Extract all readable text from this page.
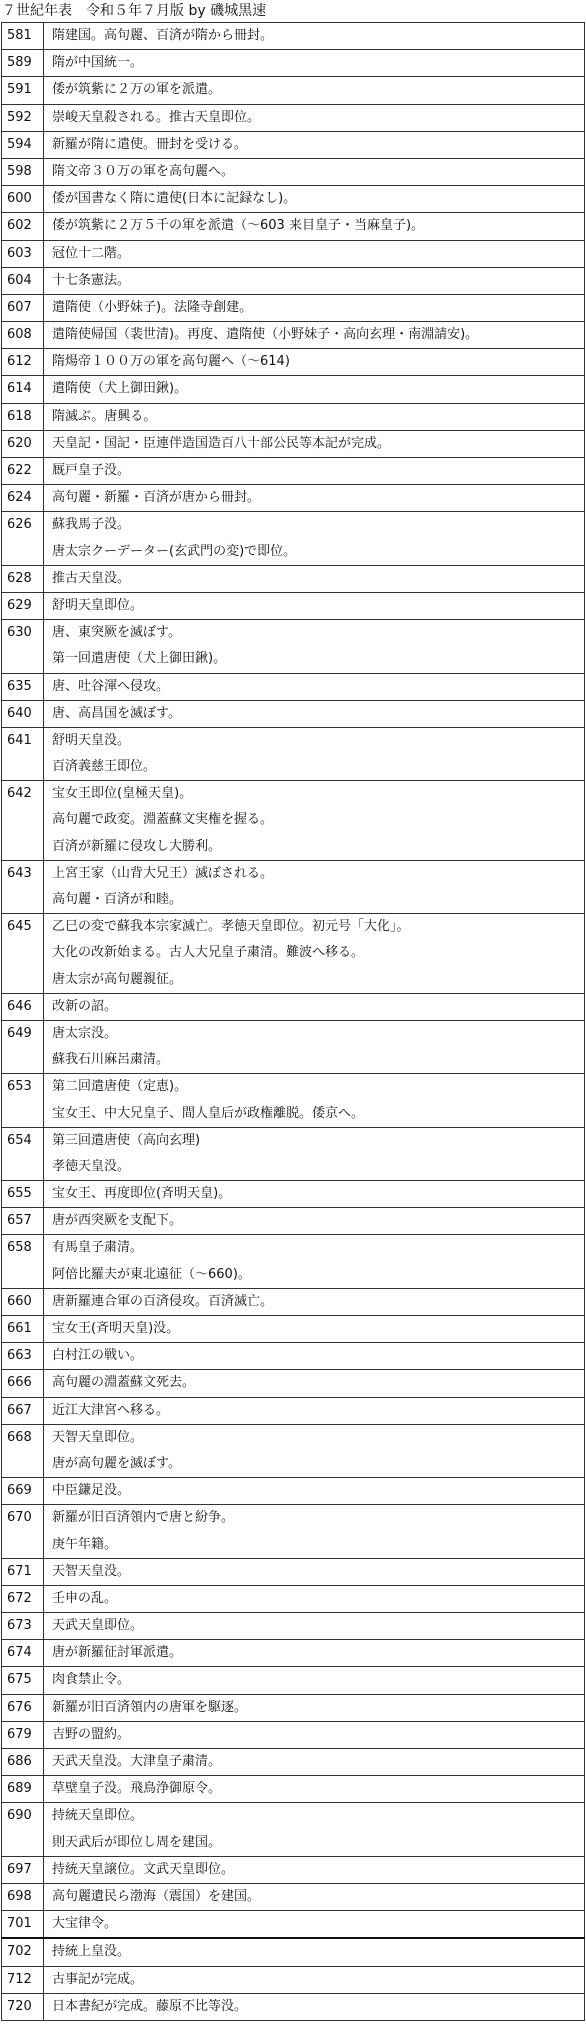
７世紀年表　令和５年７月版 by 磯城黒速
581	隋建国。高句麗、百済が隋から冊封。

589	隋が中国統一。

591	倭が筑紫に２万の軍を派遣。

592	崇峻天皇殺される。推古天皇即位。

594	新羅が隋に遣使。冊封を受ける。

598	隋文帝３０万の軍を高句麗へ。

600	倭が国書なく隋に遣使(日本に記録なし)。

602	倭が筑紫に２万５千の軍を派遣（～603 来目皇子・当麻皇子)。

603	冠位十二階。

604	十七条憲法。

607	遣隋使（小野妹子)。法隆寺創建。

608	遣隋使帰国（裴世清)。再度、遣隋使（小野妹子・高向玄理・南淵請安)。

612	隋煬帝１００万の軍を高句麗へ（～614)

614	遣隋使（犬上御田鍬)。

618	隋滅ぶ。唐興る。

620	天皇記・国記・臣連伴造国造百八十部公民等本記が完成。

622	厩戸皇子没。

624	高句麗・新羅・百済が唐から冊封。

626	蘇我馬子没。
唐太宗クーデーター(玄武門の変)で即位。

628	推古天皇没。

629	舒明天皇即位。

630	唐、東突厥を滅ぼす。
第一回遣唐使（犬上御田鍬)。

635	唐、吐谷渾へ侵攻。

640	唐、高昌国を滅ぼす。

641	舒明天皇没。
百済義慈王即位。

642	宝女王即位(皇極天皇)。
高句麗で政変。淵蓋蘇文実権を握る。
百済が新羅に侵攻し大勝利。

643	上宮王家（山背大兄王）滅ぼされる。
高句麗・百済が和睦。

645	乙巳の変で蘇我本宗家滅亡。孝徳天皇即位。初元号「大化」。
大化の改新始まる。古人大兄皇子粛清。難波へ移る。
唐太宗が高句麗親征。

646	改新の詔。

649	唐太宗没。
蘇我石川麻呂粛清。

653	第二回遣唐使（定恵)。
宝女王、中大兄皇子、間人皇后が政権離脱。倭京へ。

654	第三回遣唐使（高向玄理)
孝徳天皇没。

655	宝女王、再度即位(斉明天皇)。

657	唐が西突厥を支配下。

658	有馬皇子粛清。
阿倍比羅夫が東北遠征（～660)。

660	唐新羅連合軍の百済侵攻。百済滅亡。

661	宝女王(斉明天皇)没。

663	白村江の戦い。

666	高句麗の淵蓋蘇文死去。

667	近江大津宮へ移る。

668	天智天皇即位。
唐が高句麗を滅ぼす。

669	中臣鎌足没。

670	新羅が旧百済領内で唐と紛争。
庚午年籍。

671	天智天皇没。

672	壬申の乱。

673	天武天皇即位。

674	唐が新羅征討軍派遣。

675	肉食禁止令。

676	新羅が旧百済領内の唐軍を駆逐。

679	吉野の盟約。

686	天武天皇没。大津皇子粛清。

689	草壁皇子没。飛鳥浄御原令。

690	持統天皇即位。
則天武后が即位し周を建国。

697	持統天皇譲位。文武天皇即位。

698	高句麗遺民ら渤海（震国）を建国。

701	大宝律令。

702	持統上皇没。

712	古事記が完成。

720	日本書紀が完成。藤原不比等没。
